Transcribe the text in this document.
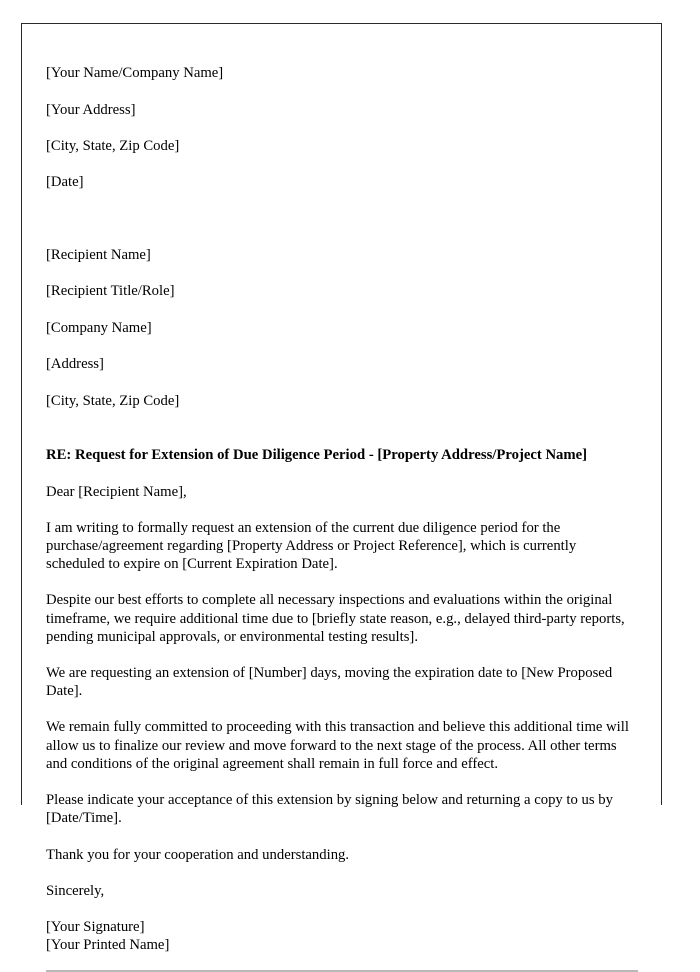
[Your Name/Company Name]

[Your Address]

[City, State, Zip Code]

[Date]

[Recipient Name]

[Recipient Title/Role]

[Company Name]

[Address]

[City, State, Zip Code]

RE: Request for Extension of Due Diligence Period - [Property Address/Project Name]
Dear [Recipient Name],

I am writing to formally request an extension of the current due diligence period for the purchase/agreement regarding [Property Address or Project Reference], which is currently scheduled to expire on [Current Expiration Date].

Despite our best efforts to complete all necessary inspections and evaluations within the original timeframe, we require additional time due to [briefly state reason, e.g., delayed third-party reports, pending municipal approvals, or environmental testing results].

We are requesting an extension of [Number] days, moving the expiration date to [New Proposed Date].

We remain fully committed to proceeding with this transaction and believe this additional time will allow us to finalize our review and move forward to the next stage of the process. All other terms and conditions of the original agreement shall remain in full force and effect.

Please indicate your acceptance of this extension by signing below and returning a copy to us by [Date/Time].

Thank you for your cooperation and understanding.

Sincerely,
[Your Signature]
[Your Printed Name]
